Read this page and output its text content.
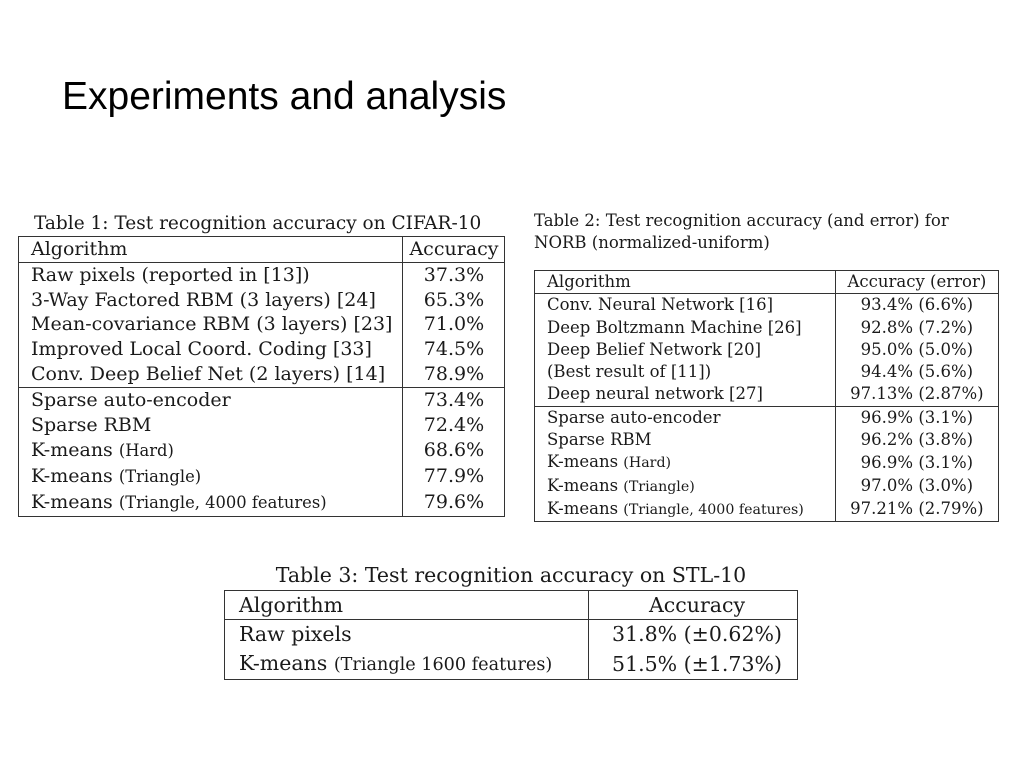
Experiments and analysis

Table 1: Test recognition accuracy on CIFAR-10

Algorithm	Accuracy
Raw pixels (reported in [13])	37.3%
3-Way Factored RBM (3 layers) [24]	65.3%
Mean-covariance RBM (3 layers) [23]	71.0%
Improved Local Coord. Coding [33]	74.5%
Conv. Deep Belief Net (2 layers) [14]	78.9%
Sparse auto-encoder	73.4%
Sparse RBM	72.4%
K-means (Hard)	68.6%
K-means (Triangle)	77.9%
K-means (Triangle, 4000 features)	79.6%

Table 2: Test recognition accuracy (and error) for NORB (normalized-uniform)

Algorithm	Accuracy (error)
Conv. Neural Network [16]	93.4% (6.6%)
Deep Boltzmann Machine [26]	92.8% (7.2%)
Deep Belief Network [20]	95.0% (5.0%)
(Best result of [11])	94.4% (5.6%)
Deep neural network [27]	97.13% (2.87%)
Sparse auto-encoder	96.9% (3.1%)
Sparse RBM	96.2% (3.8%)
K-means (Hard)	96.9% (3.1%)
K-means (Triangle)	97.0% (3.0%)
K-means (Triangle, 4000 features)	97.21% (2.79%)

Table 3: Test recognition accuracy on STL-10

Algorithm	Accuracy
Raw pixels	31.8% (±0.62%)
K-means (Triangle 1600 features)	51.5% (±1.73%)
